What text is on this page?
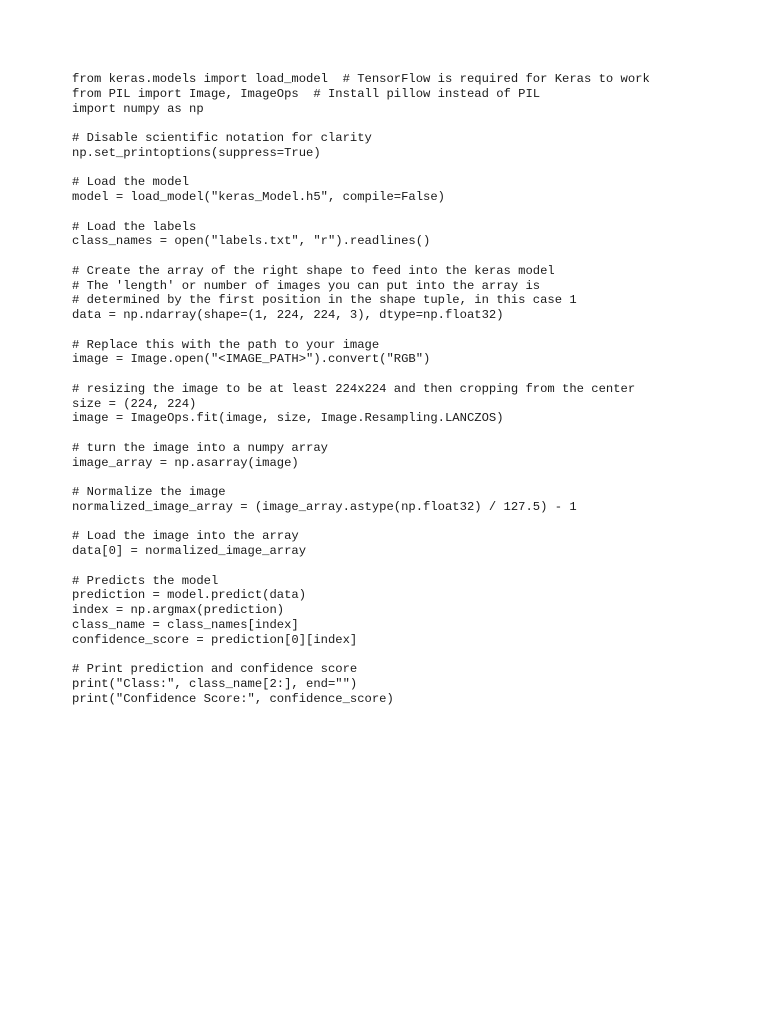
from keras.models import load_model  # TensorFlow is required for Keras to work
from PIL import Image, ImageOps  # Install pillow instead of PIL
import numpy as np
# Disable scientific notation for clarity
np.set_printoptions(suppress=True)
# Load the model
model = load_model("keras_Model.h5", compile=False)
# Load the labels
class_names = open("labels.txt", "r").readlines()
# Create the array of the right shape to feed into the keras model
# The 'length' or number of images you can put into the array is
# determined by the first position in the shape tuple, in this case 1
data = np.ndarray(shape=(1, 224, 224, 3), dtype=np.float32)
# Replace this with the path to your image
image = Image.open("<IMAGE_PATH>").convert("RGB")
# resizing the image to be at least 224x224 and then cropping from the center
size = (224, 224)
image = ImageOps.fit(image, size, Image.Resampling.LANCZOS)
# turn the image into a numpy array
image_array = np.asarray(image)
# Normalize the image
normalized_image_array = (image_array.astype(np.float32) / 127.5) - 1
# Load the image into the array
data[0] = normalized_image_array
# Predicts the model
prediction = model.predict(data)
index = np.argmax(prediction)
class_name = class_names[index]
confidence_score = prediction[0][index]
# Print prediction and confidence score
print("Class:", class_name[2:], end="")
print("Confidence Score:", confidence_score)
